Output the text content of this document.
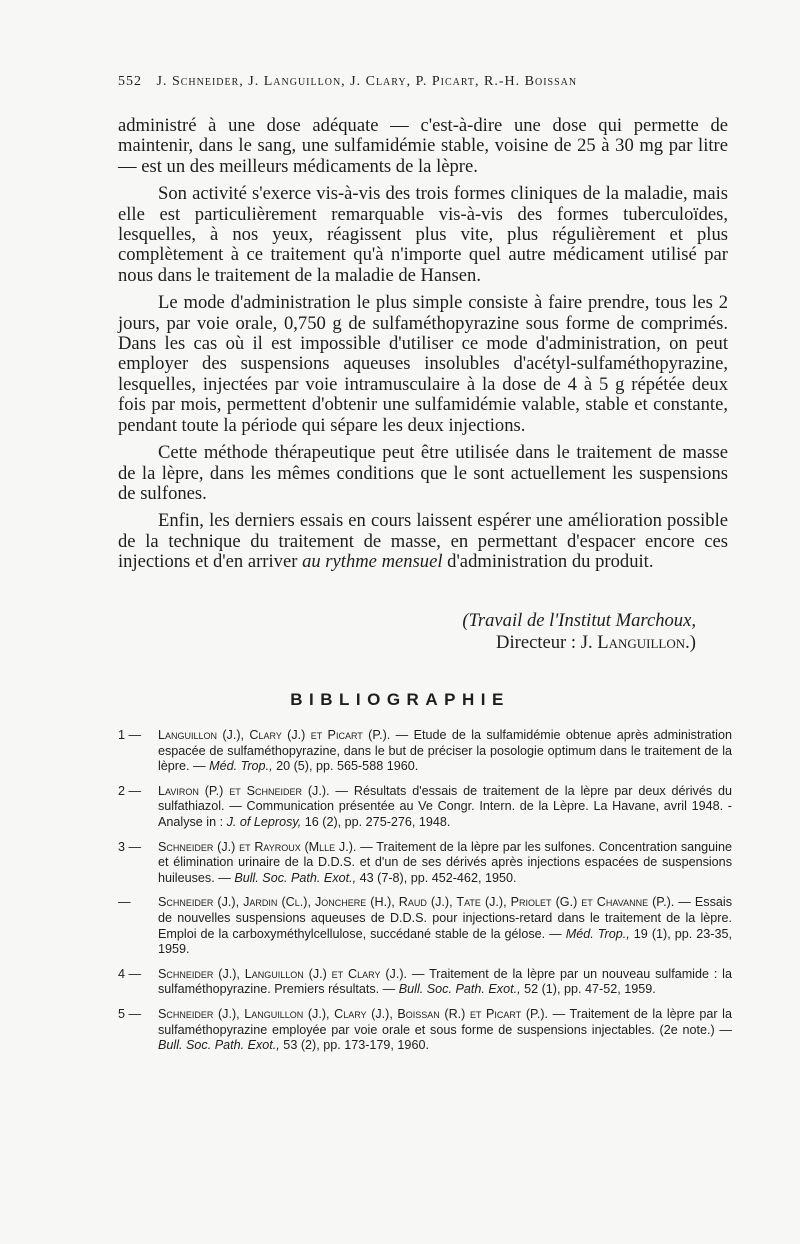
552 J. Schneider, J. Languillon, J. Clary, P. Picart, R.-H. Boissan

administré à une dose adéquate — c'est-à-dire une dose qui permette de maintenir, dans le sang, une sulfamidémie stable, voisine de 25 à 30 mg par litre — est un des meilleurs médicaments de la lèpre.

Son activité s'exerce vis-à-vis des trois formes cliniques de la maladie, mais elle est particulièrement remarquable vis-à-vis des formes tuberculoïdes, lesquelles, à nos yeux, réagissent plus vite, plus régulièrement et plus complètement à ce traitement qu'à n'importe quel autre médicament utilisé par nous dans le traitement de la maladie de Hansen.

Le mode d'administration le plus simple consiste à faire prendre, tous les 2 jours, par voie orale, 0,750 g de sulfaméthopyrazine sous forme de comprimés. Dans les cas où il est impossible d'utiliser ce mode d'administration, on peut employer des suspensions aqueuses insolubles d'acétyl-sulfaméthopyrazine, lesquelles, injectées par voie intramusculaire à la dose de 4 à 5 g répétée deux fois par mois, permettent d'obtenir une sulfamidémie valable, stable et constante, pendant toute la période qui sépare les deux injections.

Cette méthode thérapeutique peut être utilisée dans le traitement de masse de la lèpre, dans les mêmes conditions que le sont actuellement les suspensions de sulfones.

Enfin, les derniers essais en cours laissent espérer une amélioration possible de la technique du traitement de masse, en permettant d'espacer encore ces injections et d'en arriver au rythme mensuel d'administration du produit.

(Travail de l'Institut Marchoux,
Directeur : J. Languillon.)
BIBLIOGRAPHIE
1 — Languillon (J.), Clary (J.) et Picart (P.). — Etude de la sulfamidémie obtenue après administration espacée de sulfaméthopyrazine, dans le but de préciser la posologie optimum dans le traitement de la lèpre. — Méd. Trop., 20 (5), pp. 565-588 1960.
2 — Laviron (P.) et Schneider (J.). — Résultats d'essais de traitement de la lèpre par deux dérivés du sulfathiazol. — Communication présentée au Ve Congr. Intern. de la Lèpre. La Havane, avril 1948. - Analyse in : J. of Leprosy, 16 (2), pp. 275-276, 1948.
3 — Schneider (J.) et Rayroux (Mlle J.). — Traitement de la lèpre par les sulfones. Concentration sanguine et élimination urinaire de la D.D.S. et d'un de ses dérivés après injections espacées de suspensions huileuses. — Bull. Soc. Path. Exot., 43 (7-8), pp. 452-462, 1950.
— Schneider (J.), Jardin (Cl.), Jonchere (H.), Raud (J.), Tate (J.), Priolet (G.) et Chavanne (P.). — Essais de nouvelles suspensions aqueuses de D.D.S. pour injections-retard dans le traitement de la lèpre. Emploi de la carboxyméthylcellulose, succédané stable de la gélose. — Méd. Trop., 19 (1), pp. 23-35, 1959.
4 — Schneider (J.), Languillon (J.) et Clary (J.). — Traitement de la lèpre par un nouveau sulfamide : la sulfaméthopyrazine. Premiers résultats. — Bull. Soc. Path. Exot., 52 (1), pp. 47-52, 1959.
5 — Schneider (J.), Languillon (J.), Clary (J.), Boissan (R.) et Picart (P.). — Traitement de la lèpre par la sulfaméthopyrazine employée par voie orale et sous forme de suspensions injectables. (2e note.) — Bull. Soc. Path. Exot., 53 (2), pp. 173-179, 1960.
